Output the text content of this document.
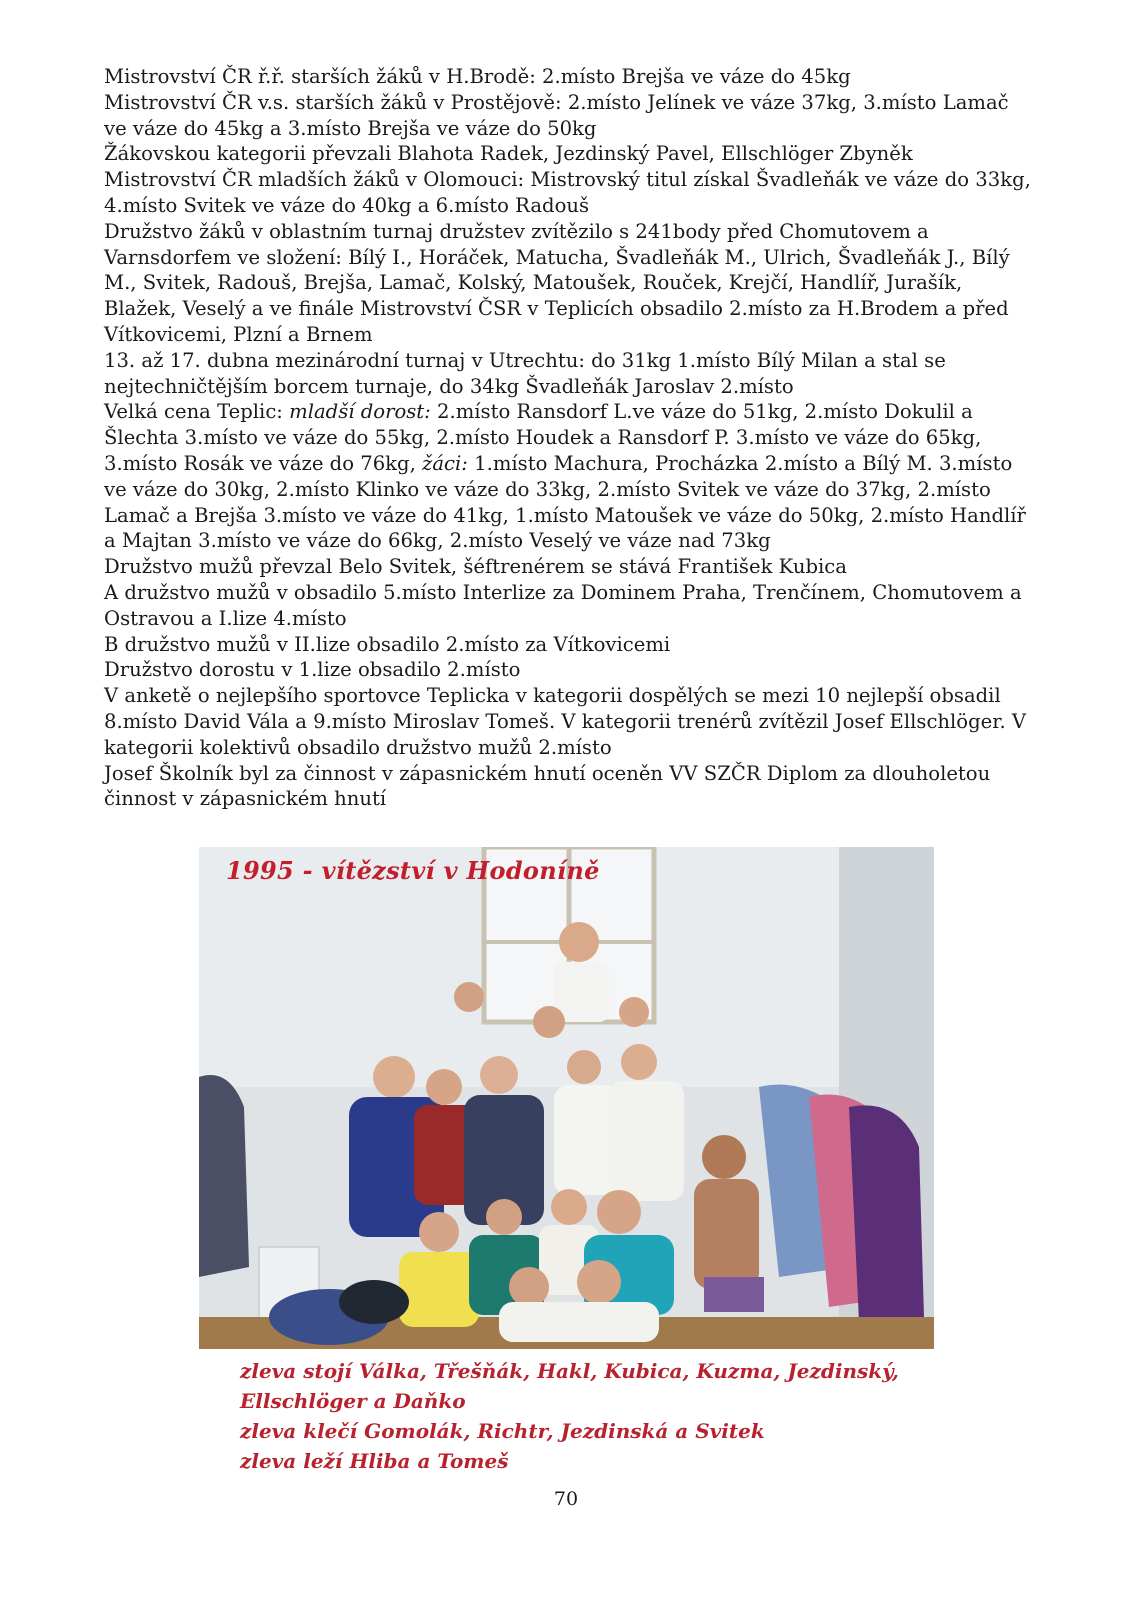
Mistrovství ČR ř.ř. starších žáků v H.Brodě: 2.místo Brejša ve váze do 45kg

Mistrovství ČR v.s. starších žáků v Prostějově: 2.místo Jelínek ve váze 37kg, 3.místo Lamač ve váze do 45kg a 3.místo Brejša ve váze do 50kg

Žákovskou kategorii převzali Blahota Radek, Jezdinský Pavel, Ellschlöger Zbyněk

Mistrovství ČR mladších žáků v Olomouci: Mistrovský titul získal Švadleňák ve váze do 33kg, 4.místo Svitek ve váze do 40kg a 6.místo Radouš

Družstvo žáků v oblastním turnaj družstev zvítězilo s 241body před Chomutovem a Varnsdorfem ve složení: Bílý I., Horáček, Matucha, Švadleňák M., Ulrich, Švadleňák J., Bílý M., Svitek, Radouš, Brejša, Lamač, Kolský, Matoušek, Rouček, Krejčí, Handlíř, Jurašík, Blažek, Veselý a ve finále Mistrovství ČSR v Teplicích obsadilo 2.místo za H.Brodem a před Vítkovicemi, Plzní a Brnem

13. až 17. dubna mezinárodní turnaj v Utrechtu: do 31kg 1.místo Bílý Milan a stal se nejtechničtějším borcem turnaje, do 34kg Švadleňák Jaroslav 2.místo

Velká cena Teplic: mladší dorost: 2.místo Ransdorf L.ve váze do 51kg, 2.místo Dokulil a Šlechta 3.místo ve váze do 55kg, 2.místo Houdek a Ransdorf P. 3.místo ve váze do 65kg, 3.místo Rosák ve váze do 76kg, žáci: 1.místo Machura, Procházka 2.místo a Bílý M. 3.místo ve váze do 30kg, 2.místo Klinko ve váze do 33kg, 2.místo Svitek ve váze do 37kg, 2.místo Lamač a Brejša 3.místo ve váze do 41kg, 1.místo Matoušek ve váze do 50kg, 2.místo Handlíř a Majtan 3.místo ve váze do 66kg, 2.místo Veselý ve váze nad 73kg

Družstvo mužů převzal Belo Svitek, šéftrenérem se stává František Kubica

A družstvo mužů v obsadilo 5.místo Interlize za Dominem Praha, Trenčínem, Chomutovem a Ostravou a I.lize 4.místo

B družstvo mužů v II.lize obsadilo 2.místo za Vítkovicemi

Družstvo dorostu v 1.lize obsadilo 2.místo

V anketě o nejlepšího sportovce Teplicka v kategorii dospělých se mezi 10 nejlepší obsadil 8.místo David Vála a 9.místo Miroslav Tomeš. V kategorii trenérů zvítězil Josef Ellschlöger. V kategorii kolektivů obsadilo družstvo mužů 2.místo

Josef Školník byl za činnost v zápasnickém hnutí oceněn VV SZČR Diplom za dlouholetou činnost v zápasnickém hnutí

1995 - vítězství v Hodoníně

zleva stojí Válka, Třešňák, Hakl, Kubica, Kuzma, Jezdinský,

Ellschlöger a Daňko

zleva klečí Gomolák, Richtr, Jezdinská a Svitek

zleva leží Hliba a Tomeš

70
